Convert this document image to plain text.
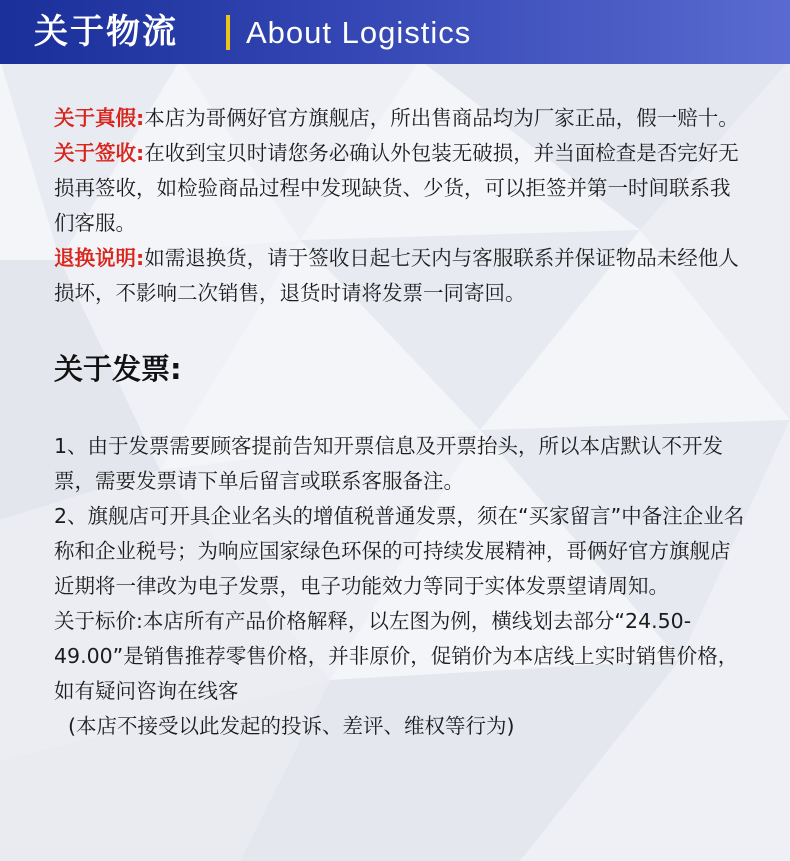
关于物流 About Logistics

关于真假:本店为哥俩好官方旗舰店，所出售商品均为厂家正品，假一赔十。

关于签收:在收到宝贝时请您务必确认外包装无破损，并当面检查是否完好无损再签收，如检验商品过程中发现缺货、少货，可以拒签并第一时间联系我们客服。

退换说明:如需退换货，请于签收日起七天内与客服联系并保证物品未经他人损坏，不影响二次销售，退货时请将发票一同寄回。

关于发票:

1、由于发票需要顾客提前告知开票信息及开票抬头，所以本店默认不开发票，需要发票请下单后留言或联系客服备注。

2、旗舰店可开具企业名头的增值税普通发票，须在“买家留言”中备注企业名称和企业税号；为响应国家绿色环保的可持续发展精神，哥俩好官方旗舰店近期将一律改为电子发票，电子功能效力等同于实体发票望请周知。

关于标价:本店所有产品价格解释，以左图为例，横线划去部分“24.50-49.00”是销售推荐零售价格，并非原价，促销价为本店线上实时销售价格，如有疑问咨询在线客

(本店不接受以此发起的投诉、差评、维权等行为)
